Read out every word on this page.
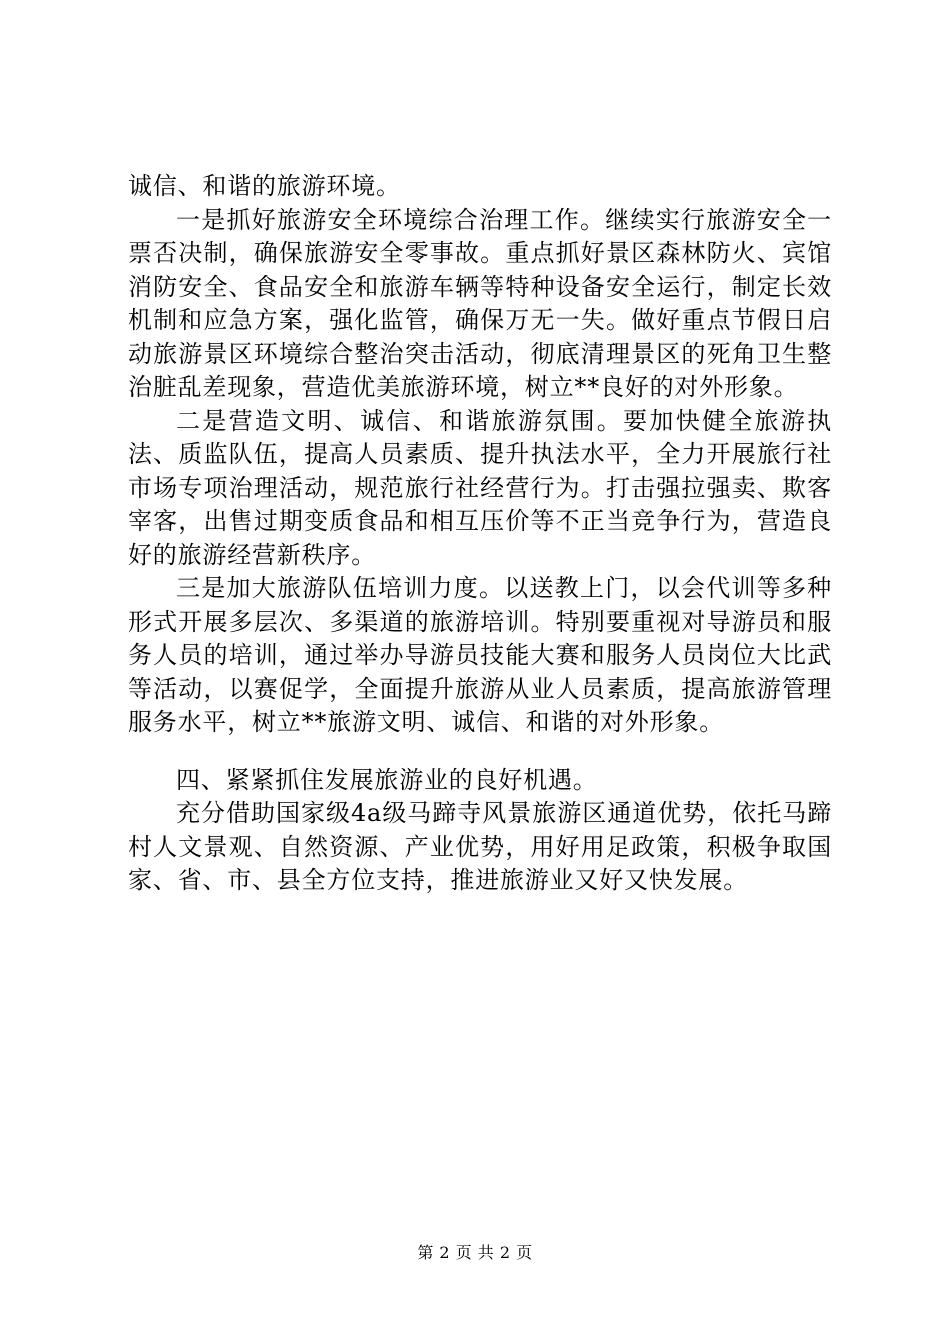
诚信、和谐的旅游环境。

一是抓好旅游安全环境综合治理工作。继续实行旅游安全一票否决制，确保旅游安全零事故。重点抓好景区森林防火、宾馆消防安全、食品安全和旅游车辆等特种设备安全运行，制定长效机制和应急方案，强化监管，确保万无一失。做好重点节假日启动旅游景区环境综合整治突击活动，彻底清理景区的死角卫生整治脏乱差现象，营造优美旅游环境，树立**良好的对外形象。

二是营造文明、诚信、和谐旅游氛围。要加快健全旅游执法、质监队伍，提高人员素质、提升执法水平，全力开展旅行社市场专项治理活动，规范旅行社经营行为。打击强拉强卖、欺客宰客，出售过期变质食品和相互压价等不正当竞争行为，营造良好的旅游经营新秩序。

三是加大旅游队伍培训力度。以送教上门，以会代训等多种形式开展多层次、多渠道的旅游培训。特别要重视对导游员和服务人员的培训，通过举办导游员技能大赛和服务人员岗位大比武等活动，以赛促学，全面提升旅游从业人员素质，提高旅游管理服务水平，树立**旅游文明、诚信、和谐的对外形象。

四、紧紧抓住发展旅游业的良好机遇。

充分借助国家级4a级马蹄寺风景旅游区通道优势，依托马蹄村人文景观、自然资源、产业优势，用好用足政策，积极争取国家、省、市、县全方位支持，推进旅游业又好又快发展。

第 2 页 共 2 页
